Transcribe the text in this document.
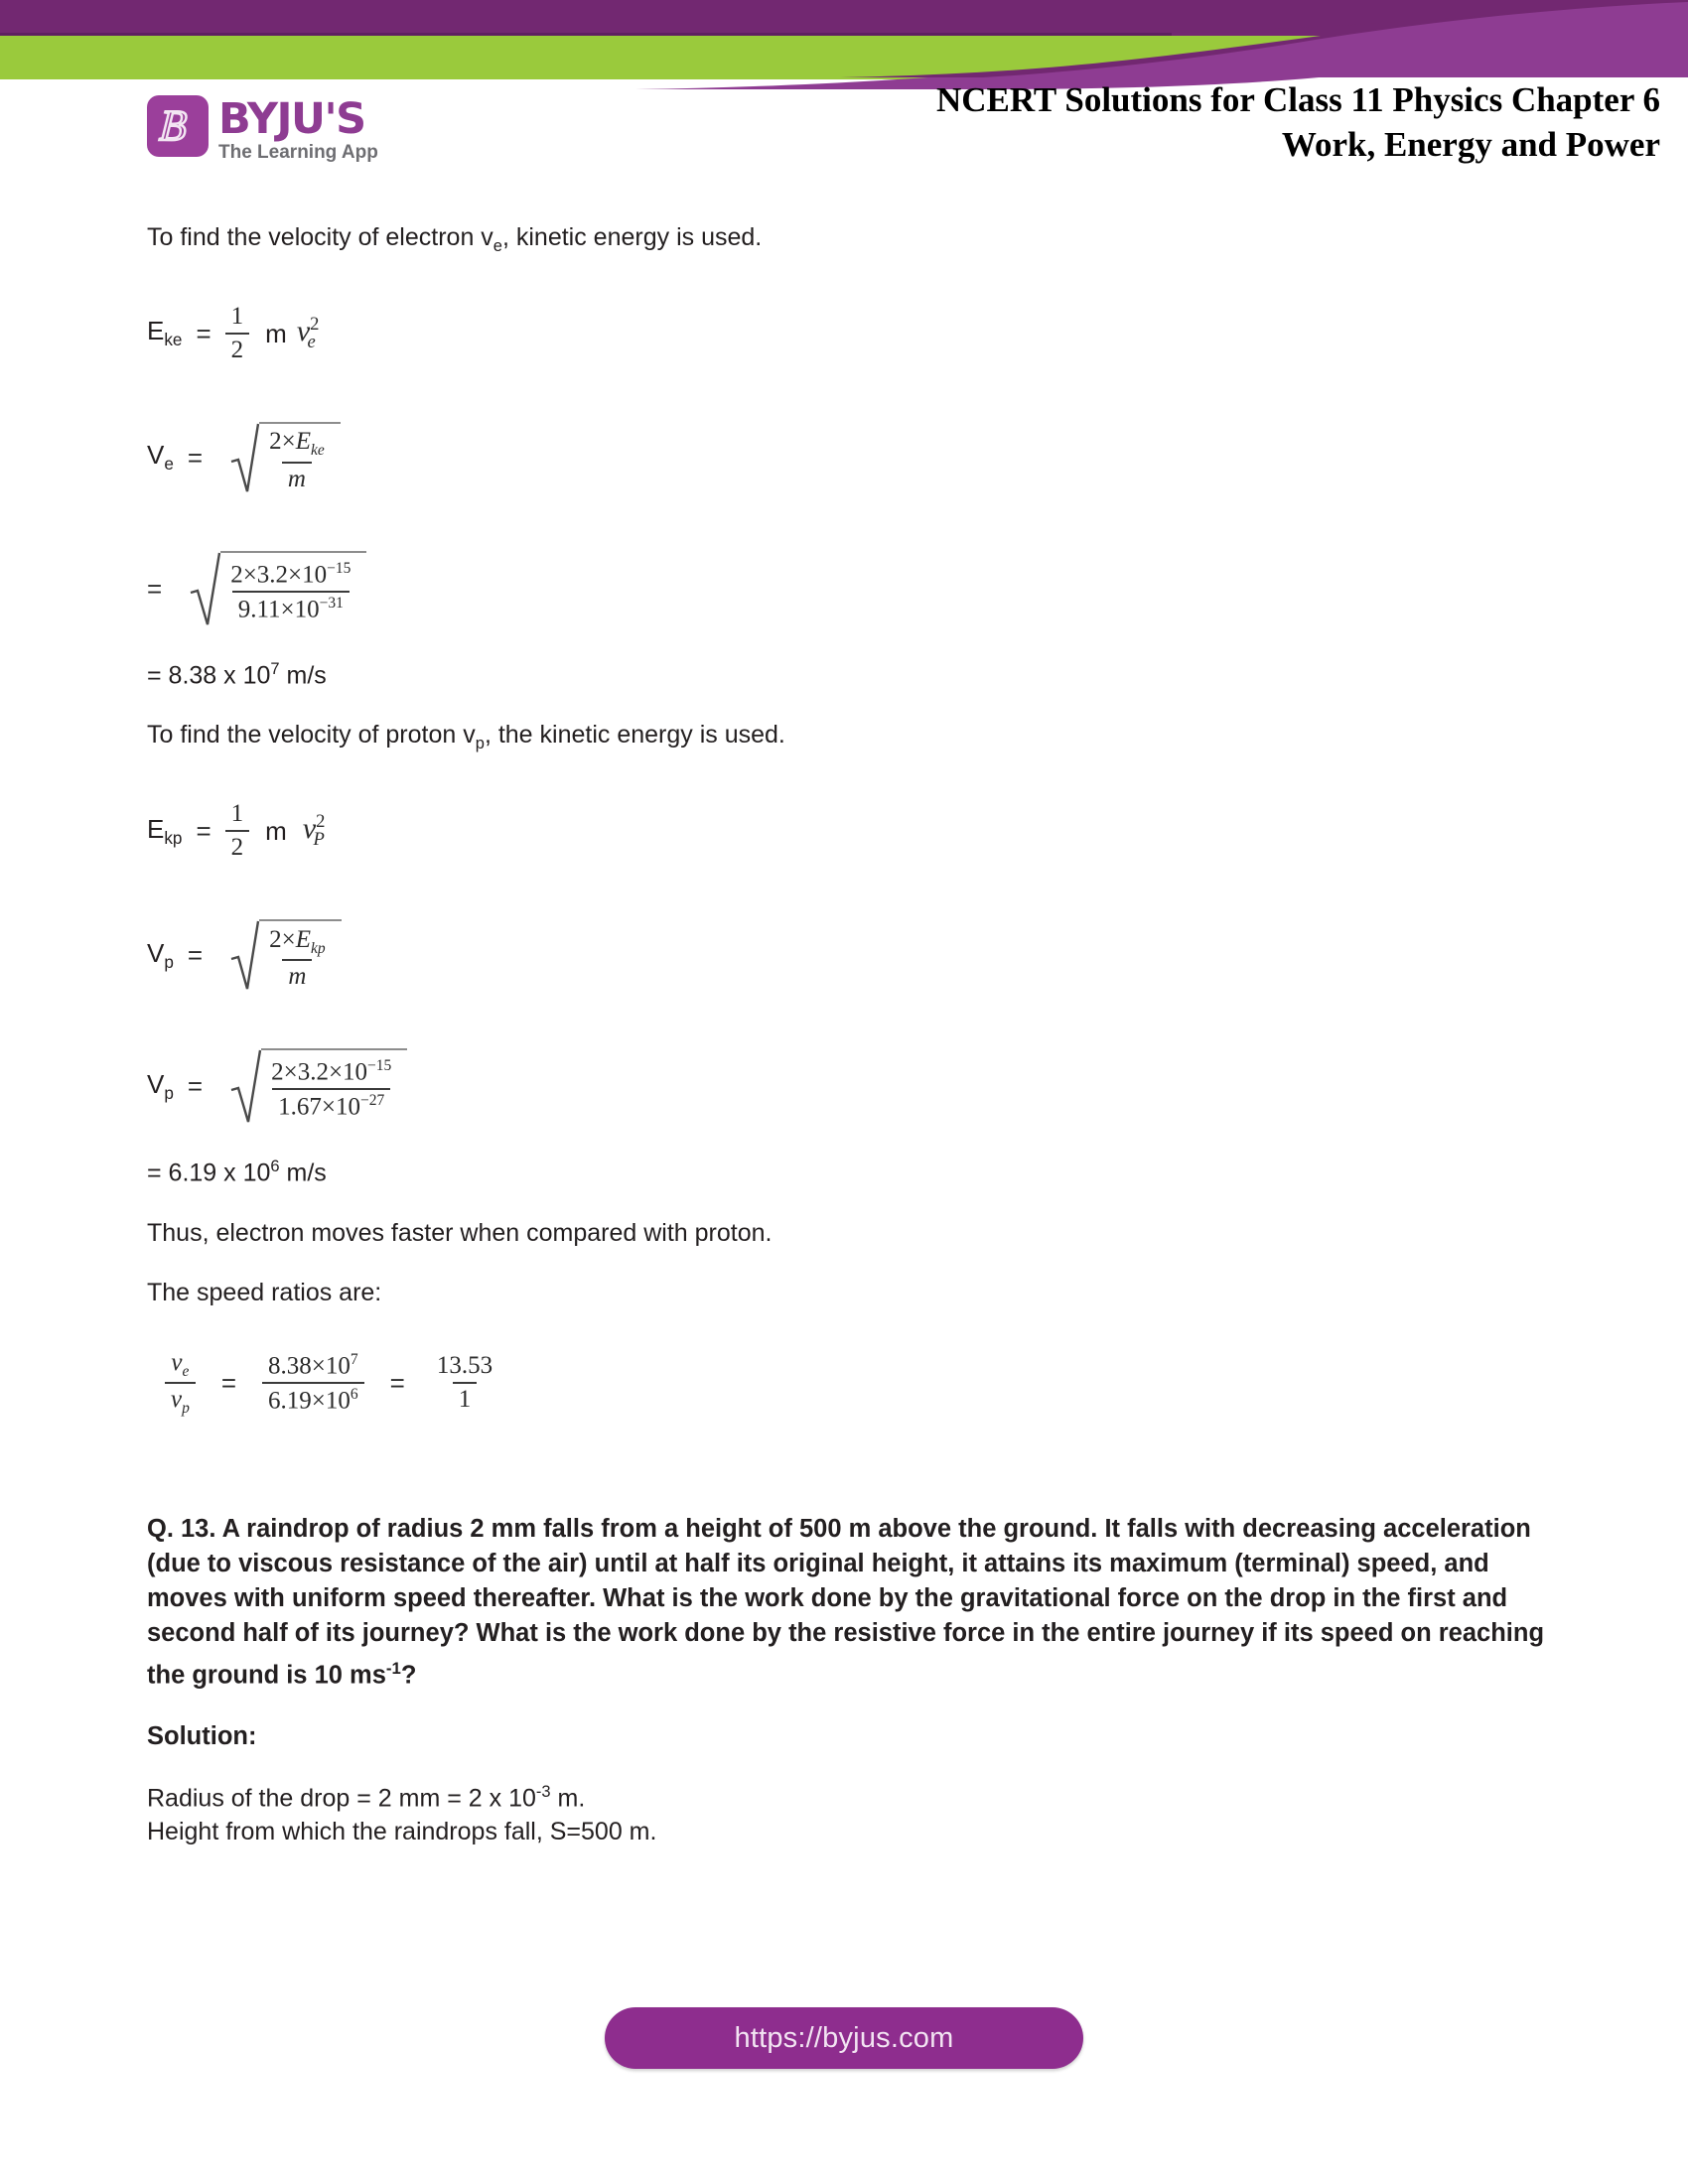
B BYJU'S
The Learning App
NCERT Solutions for Class 11 Physics Chapter 6
Work, Energy and Power

To find the velocity of electron $v_e$, kinetic energy is used.

$E_{ke} = \frac{1}{2}$ m $v^2_e$
$V_e = \frac{2\times E_{ke}}{m}$
=	$\frac{2\times 3.2\times 10^{-15}}{9.11\times 10^{-31}}$

= 8.38 x $10^7$ m/s

To find the velocity of proton $v_p$, the kinetic energy is used.

$E_{kp} = \frac{1}{2}$ m $v^2_P$
$V_p = \frac{2\times E_{kp}}{m}$
$V_p$ =	$\frac{2\times 3.2\times 10^{-15}}{1.67\times 10^{-27}}$

= 6.19 x $10^6$ m/s

Thus, electron moves faster when compared with proton.

The speed ratios are:

$\frac{v_e}{v_p} = \frac{8.38\times 10^7}{6.19\times 10^6} = \frac{13.53}{1}$

Q. 13. A raindrop of radius 2 mm falls from a height of 500 m above the ground. It falls with decreasing acceleration (due to viscous resistance of the air) until at half its original height, it attains its maximum (terminal) speed, and moves with uniform speed thereafter. What is the work done by the gravitational force on the drop in the first and second half of its journey? What is the work done by the resistive force in the entire journey if its speed on reaching the ground is 10 $ms^{-1}$?

Solution:

Radius of the drop = 2 mm = 2 x $10^{-3}$ m.

Height from which the raindrops fall, S=500 m.

https://byjus.com
